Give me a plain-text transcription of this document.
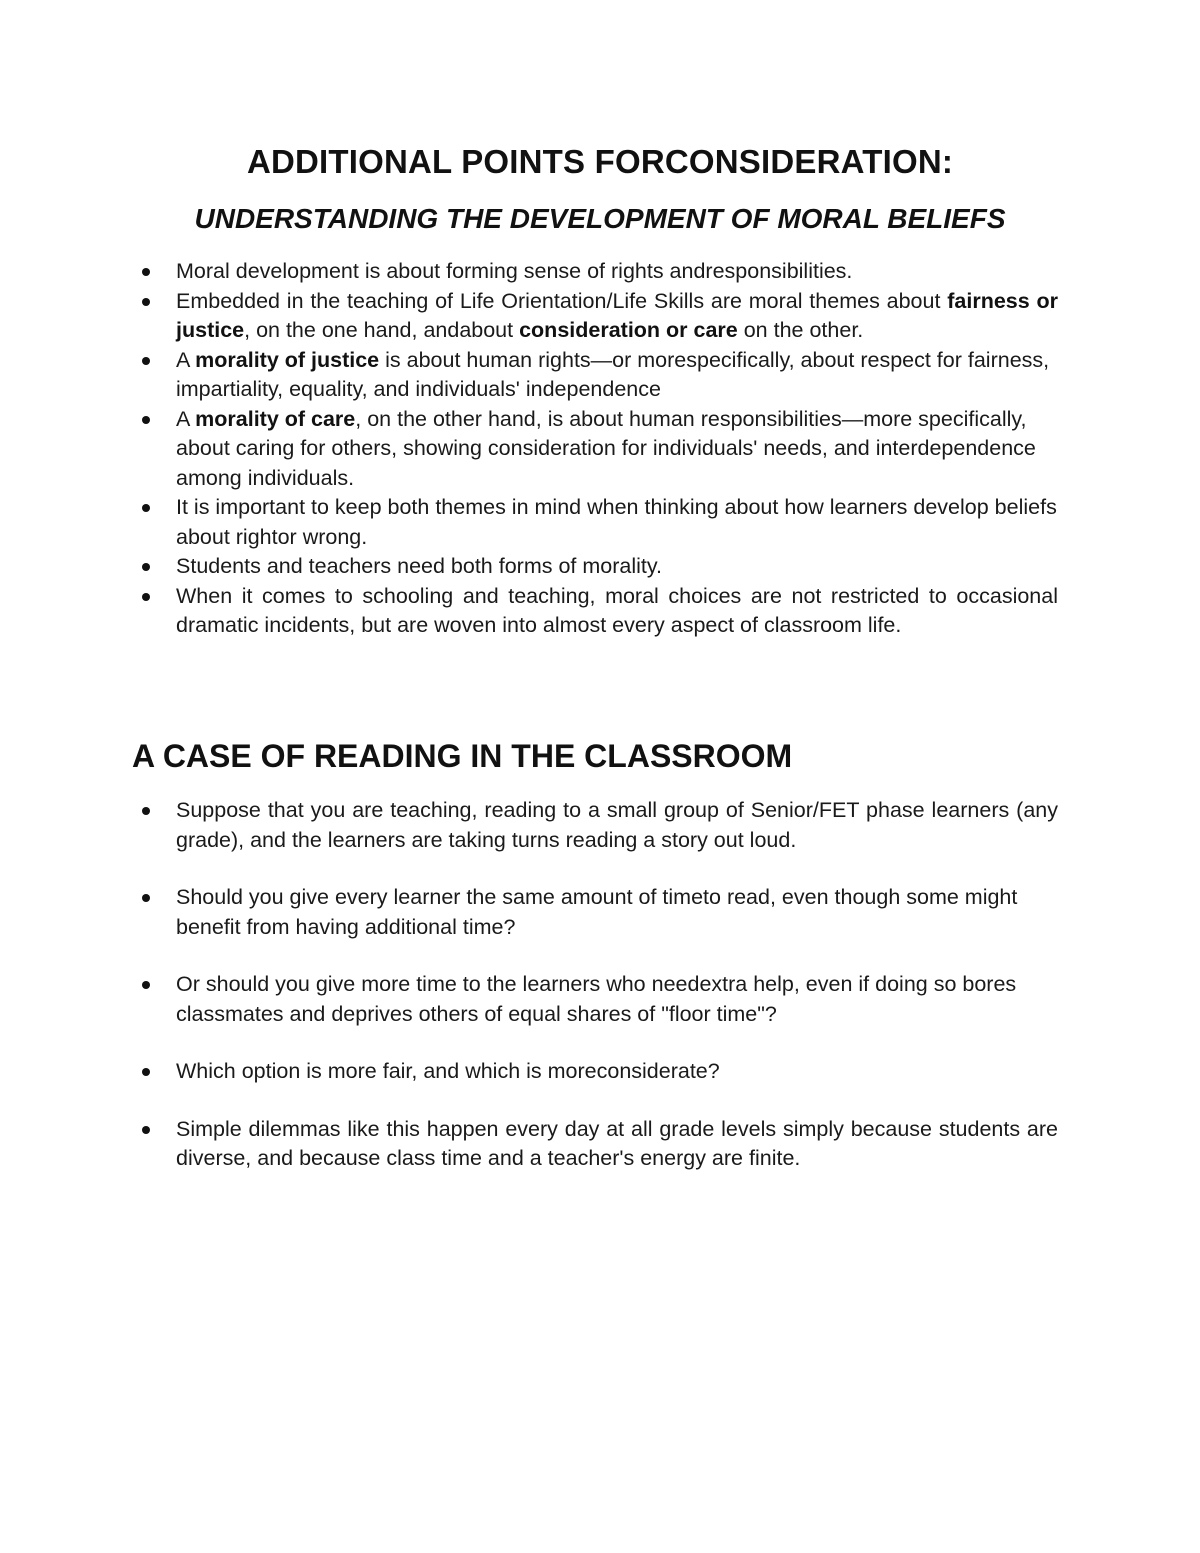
ADDITIONAL POINTS FORCONSIDERATION:
UNDERSTANDING THE DEVELOPMENT OF MORAL BELIEFS
Moral development is about forming sense of rights andresponsibilities.
Embedded in the teaching of Life Orientation/Life Skills are moral themes about fairness or justice, on the one hand, andabout consideration or care on the other.
A morality of justice is about human rights—or morespecifically, about respect for fairness, impartiality, equality, and individuals' independence
A morality of care, on the other hand, is about human responsibilities—more specifically, about caring for others, showing consideration for individuals' needs, and interdependence among individuals.
It is important to keep both themes in mind when thinking about how learners develop beliefs about rightor wrong.
Students and teachers need both forms of morality.
When it comes to schooling and teaching, moral choices are not restricted to occasional dramatic incidents, but are woven into almost every aspect of classroom life.
A CASE OF READING IN THE CLASSROOM
Suppose that you are teaching, reading to a small group of Senior/FET phase learners (any grade), and the learners are taking turns reading a story out loud.
Should you give every learner the same amount of timeto read, even though some might benefit from having additional time?
Or should you give more time to the learners who needextra help, even if doing so bores classmates and deprives others of equal shares of "floor time"?
Which option is more fair, and which is moreconsiderate?
Simple dilemmas like this happen every day at all grade levels simply because students are diverse, and because class time and a teacher's energy are finite.
